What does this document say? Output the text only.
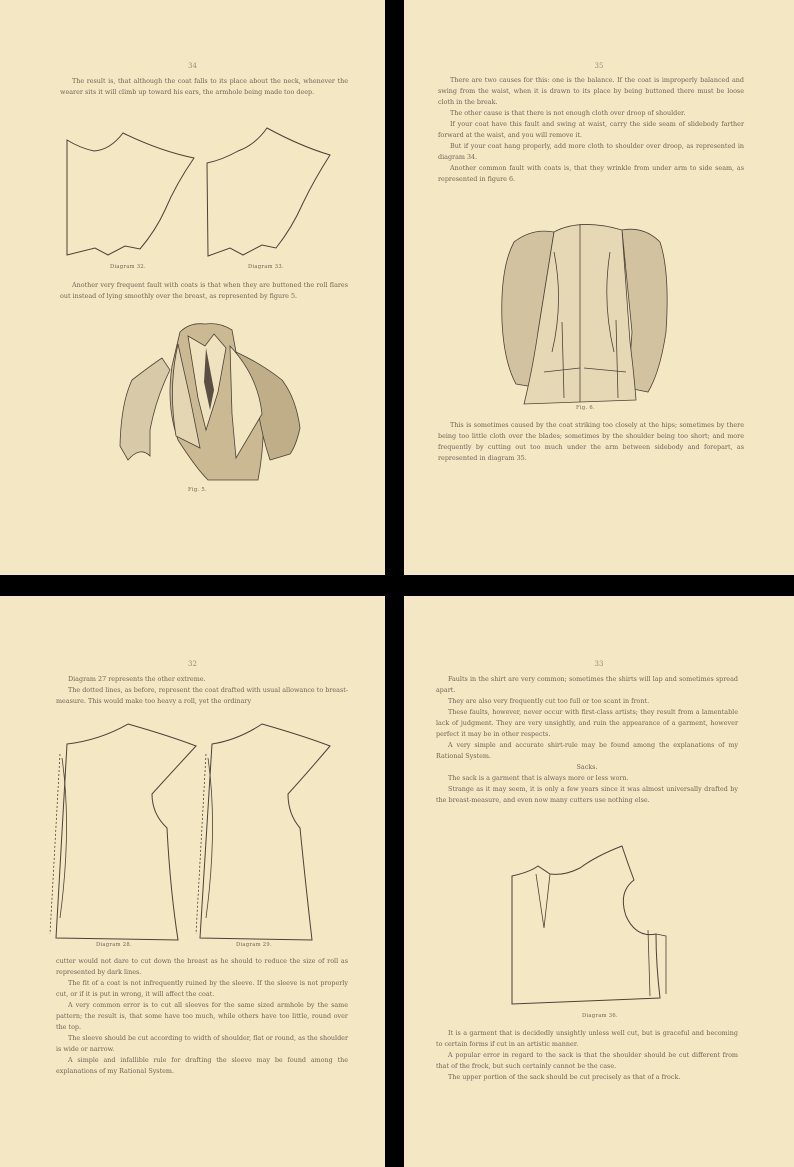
34

The result is, that although the coat falls to its place about the neck, whenever the wearer sits it will climb up toward his ears, the armhole being made too deep.

Diagram 32.	Diagram 33.

Another very frequent fault with coats is that when they are buttoned the roll flares out instead of lying smoothly over the breast, as represented by figure 5.

Fig. 5.
35

There are two causes for this: one is the balance. If the coat is improperly balanced and swing from the waist, when it is drawn to its place by being buttoned there must be loose cloth in the break.

The other cause is that there is not enough cloth over droop of shoulder.

If your coat have this fault and swing at waist, carry the side seam of slidebody farther forward at the waist, and you will remove it.

But if your coat hang properly, add more cloth to shoulder over droop, as represented in diagram 34.

Another common fault with coats is, that they wrinkle from under arm to side seam, as represented in figure 6.

Fig. 6.

This is sometimes caused by the coat striking too closely at the hips; sometimes by there being too little cloth over the blades; sometimes by the shoulder being too short; and more frequently by cutting out too much under the arm between sidebody and forepart, as represented in diagram 35.

32

Diagram 27 represents the other extreme.

The dotted lines, as before, represent the coat drafted with usual allowance to breast-measure. This would make too heavy a roll, yet the ordinary

Diagram 28.	Diagram 29.

cutter would not dare to cut down the breast as he should to reduce the size of roll as represented by dark lines.

The fit of a coat is not infrequently ruined by the sleeve. If the sleeve is not properly cut, or if it is put in wrong, it will affect the coat.

A very common error is to cut all sleeves for the same sized armhole by the same pattern; the result is, that some have too much, while others have too little, round over the top.

The sleeve should be cut according to width of shoulder, flat or round, as the shoulder is wide or narrow.

A simple and infallible rule for drafting the sleeve may be found among the explanations of my Rational System.

33

Faults in the shirt are very common; sometimes the shirts will lap and sometimes spread apart.

They are also very frequently cut too full or too scant in front.

These faults, however, never occur with first-class artists; they result from a lamentable lack of judgment. They are very unsightly, and ruin the appearance of a garment, however perfect it may be in other respects.

A very simple and accurate shirt-rule may be found among the explanations of my Rational System.

Sacks.

The sack is a garment that is always more or less worn.

Strange as it may seem, it is only a few years since it was almost universally drafted by the breast-measure, and even now many cutters use nothing else.

Diagram 36.

It is a garment that is decidedly unsightly unless well cut, but is graceful and becoming to certain forms if cut in an artistic manner.

A popular error in regard to the sack is that the shoulder should be cut different from that of the frock, but such certainly cannot be the case.

The upper portion of the sack should be cut precisely as that of a frock.
